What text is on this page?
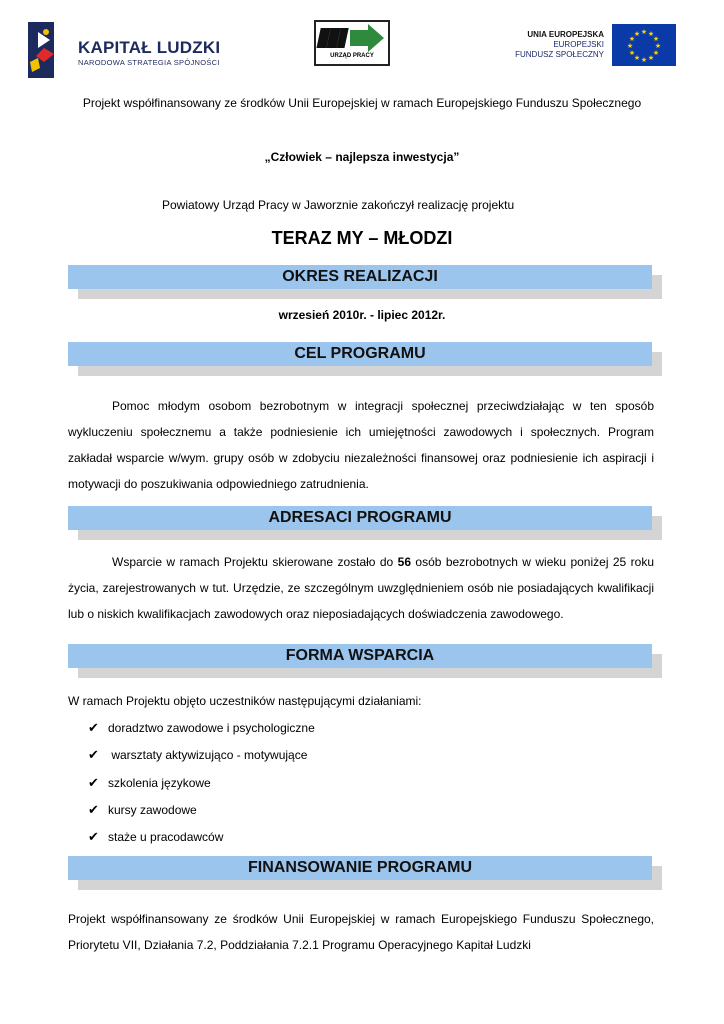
KAPITAŁ LUDZKI
NARODOWA STRATEGIA SPÓJNOŚCI
URZĄD PRACY
UNIA EUROPEJSKA
EUROPEJSKI
FUNDUSZ SPOŁECZNY
★ ★
★
★
★
★
★
★
★
★
★
★
Projekt współfinansowany ze środków Unii Europejskiej w ramach Europejskiego Funduszu Społecznego
„Człowiek – najlepsza inwestycja”
Powiatowy Urząd Pracy w Jaworznie zakończył realizację projektu
TERAZ MY – MŁODZI
OKRES REALIZACJI
wrzesień 2010r. - lipiec 2012r.
CEL PROGRAMU
Pomoc młodym osobom bezrobotnym w integracji społecznej przeciwdziałając w ten sposób wykluczeniu społecznemu a także podniesienie ich umiejętności zawodowych i społecznych. Program zakładał wsparcie w/wym. grupy osób w zdobyciu niezależności finansowej oraz podniesienie ich aspiracji i motywacji do poszukiwania odpowiedniego zatrudnienia.
ADRESACI PROGRAMU
Wsparcie w ramach Projektu skierowane zostało do 56 osób bezrobotnych w wieku poniżej 25 roku życia, zarejestrowanych w tut. Urzędzie, ze szczególnym uwzględnieniem osób nie posiadających kwalifikacji lub o niskich kwalifikacjach zawodowych oraz nieposiadających doświadczenia zawodowego.
FORMA WSPARCIA
W ramach Projektu objęto uczestników następującymi działaniami:
✔ doradztwo zawodowe i psychologiczne
✔ warsztaty aktywizująco - motywujące
✔ szkolenia językowe
✔ kursy zawodowe
✔ staże u pracodawców
FINANSOWANIE PROGRAMU
Projekt współfinansowany ze środków Unii Europejskiej w ramach Europejskiego Funduszu Społecznego, Priorytetu VII, Działania 7.2, Poddziałania 7.2.1 Programu Operacyjnego Kapitał Ludzki
